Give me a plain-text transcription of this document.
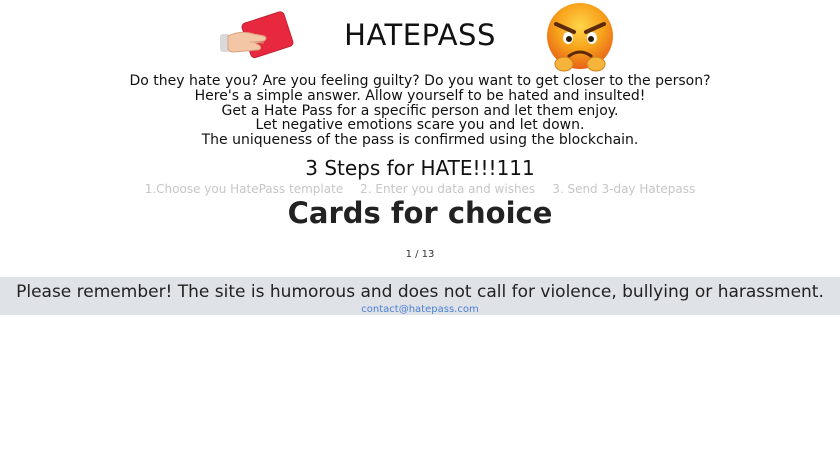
HATEPASS

Do they hate you? Are you feeling guilty? Do you want to get closer to the person?

Here's a simple answer. Allow yourself to be hated and insulted!

Get a Hate Pass for a specific person and let them enjoy.

Let negative emotions scare you and let down.

The uniqueness of the pass is confirmed using the blockchain.

3 Steps for HATE!!!111
1.Choose you HatePass template 2. Enter you data and wishes 3. Send 3-day Hatepass
Cards for choice
1 / 13
Please remember! The site is humorous and does not call for violence, bullying or harassment.
contact@hatepass.com
